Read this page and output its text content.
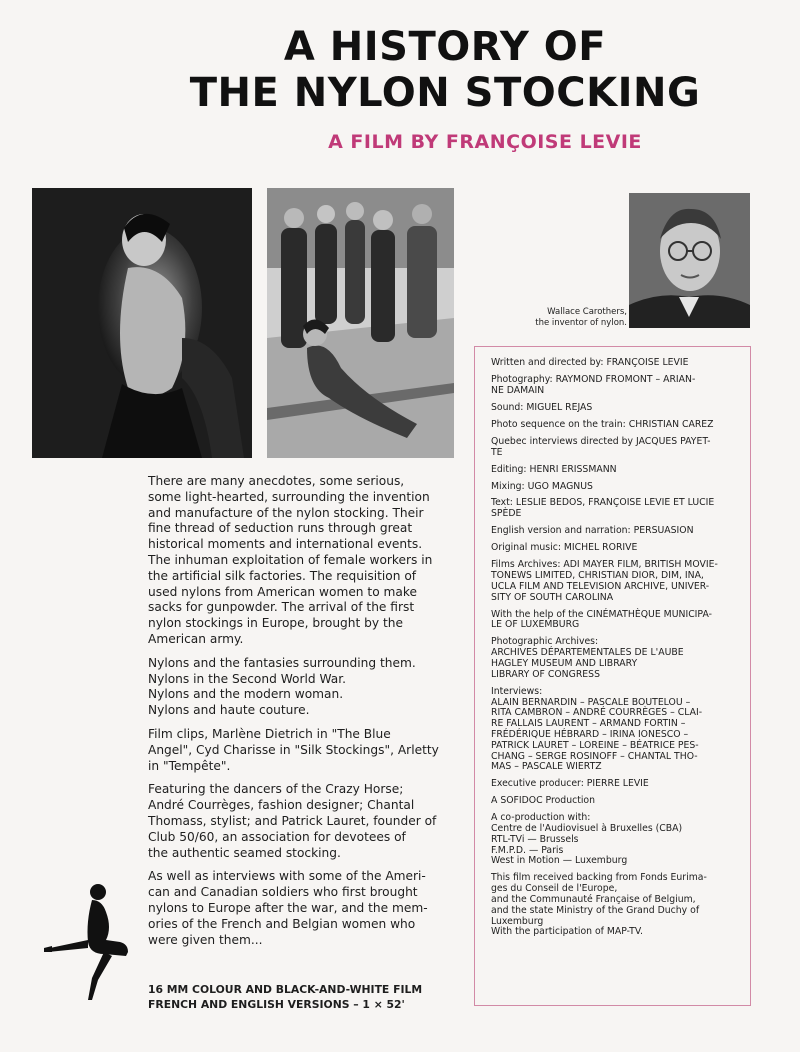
A HISTORY OF
THE NYLON STOCKING
A FILM BY FRANÇOISE LEVIE
Wallace Carothers,
the inventor of nylon.

There are many anecdotes, some serious,
some light-hearted, surrounding the invention
and manufacture of the nylon stocking. Their
fine thread of seduction runs through great
historical moments and international events.
The inhuman exploitation of female workers in
the artificial silk factories. The requisition of
used nylons from American women to make
sacks for gunpowder. The arrival of the first
nylon stockings in Europe, brought by the
American army.

Nylons and the fantasies surrounding them.
Nylons in the Second World War.
Nylons and the modern woman.
Nylons and haute couture.

Film clips, Marlène Dietrich in "The Blue
Angel", Cyd Charisse in "Silk Stockings", Arletty
in "Tempête".

Featuring the dancers of the Crazy Horse;
André Courrèges, fashion designer; Chantal
Thomass, stylist; and Patrick Lauret, founder of
Club 50/60, an association for devotees of
the authentic seamed stocking.

As well as interviews with some of the Ameri-
can and Canadian soldiers who first brought
nylons to Europe after the war, and the mem-
ories of the French and Belgian women who
were given them...

16 MM COLOUR AND BLACK-AND-WHITE FILM
FRENCH AND ENGLISH VERSIONS – 1 × 52'
Written and directed by: FRANÇOISE LEVIE
Photography: RAYMOND FROMONT – ARIAN-
NE DAMAIN
Sound: MIGUEL REJAS
Photo sequence on the train: CHRISTIAN CAREZ
Quebec interviews directed by JACQUES PAYET-
TE
Editing: HENRI ERISSMANN
Mixing: UGO MAGNUS
Text: LESLIE BEDOS, FRANÇOISE LEVIE ET LUCIE
SPÈDE
English version and narration: PERSUASION
Original music: MICHEL RORIVE
Films Archives: ADI MAYER FILM, BRITISH MOVIE-
TONEWS LIMITED, CHRISTIAN DIOR, DIM, INA,
UCLA FILM AND TELEVISION ARCHIVE, UNIVER-
SITY OF SOUTH CAROLINA
With the help of the CINÉMATHÈQUE MUNICIPA-
LE OF LUXEMBURG
Photographic Archives:
ARCHIVES DÉPARTEMENTALES DE L'AUBE
HAGLEY MUSEUM AND LIBRARY
LIBRARY OF CONGRESS
Interviews:
ALAIN BERNARDIN – PASCALE BOUTELOU –
RITA CAMBRON – ANDRÉ COURRÈGES – CLAI-
RE FALLAIS LAURENT – ARMAND FORTIN –
FRÉDÉRIQUE HÉBRARD – IRINA IONESCO –
PATRICK LAURET – LOREINE – BÉATRICE PES-
CHANG – SERGE ROSINOFF – CHANTAL THO-
MAS – PASCALE WIERTZ
Executive producer: PIERRE LEVIE
A SOFIDOC Production
A co-production with:
Centre de l'Audiovisuel à Bruxelles (CBA)
RTL-TVi — Brussels
F.M.P.D. — Paris
West in Motion — Luxemburg
This film received backing from Fonds Eurima-
ges du Conseil de l'Europe,
and the Communauté Française of Belgium,
and the state Ministry of the Grand Duchy of
Luxemburg
With the participation of MAP-TV.
